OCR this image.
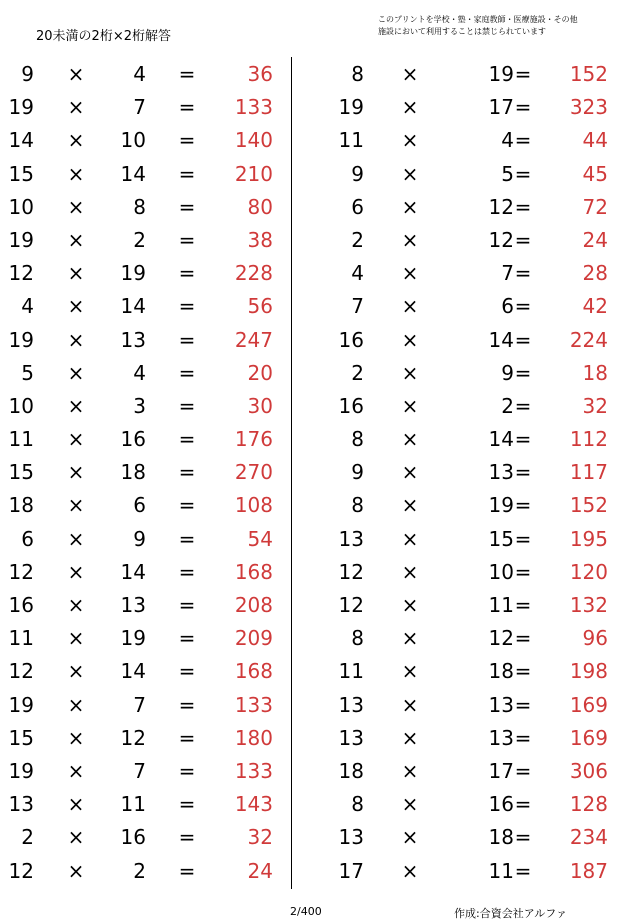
20未満の2桁×2桁解答
このプリントを学校・塾・家庭教師・医療施設・その他
施設において利用することは禁じられています
9 ×	4 =	36
19 ×	7 =	133
14 ×	10 =	140
15 ×	14 =	210
10 ×	8 =	80
19 ×	2 =	38
12 ×	19 =	228
4 ×	14 =	56
19 ×	13 =	247
5 ×	4 =	20
10 ×	3 =	30
11 ×	16 =	176
15 ×	18 =	270
18 ×	6 =	108
6 ×	9 =	54
12 ×	14 =	168
16 ×	13 =	208
11 ×	19 =	209
12 ×	14 =	168
19 ×	7 =	133
15 ×	12 =	180
19 ×	7 =	133
13 ×	11 =	143
2 ×	16 =	32
12 ×	2 =	24
8 ×	19 =	152
19 ×	17 =	323
11 ×	4 =	44
9 ×	5 =	45
6 ×	12 =	72
2 ×	12 =	24
4 ×	7 =	28
7 ×	6 =	42
16 ×	14 =	224
2 ×	9 =	18
16 ×	2 =	32
8 ×	14 =	112
9 ×	13 =	117
8 ×	19 =	152
13 ×	15 =	195
12 ×	10 =	120
12 ×	11 =	132
8 ×	12 =	96
11 ×	18 =	198
13 ×	13 =	169
13 ×	13 =	169
18 ×	17 =	306
8 ×	16 =	128
13 ×	18 =	234
17 ×	11 =	187
2/400	作成:合資会社アルファ
